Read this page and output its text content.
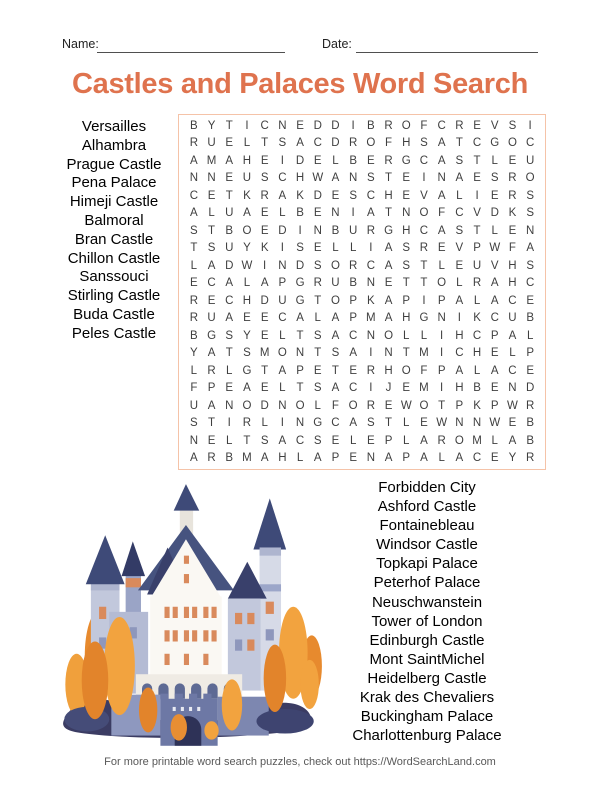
Name:	Date:
Castles and Palaces Word Search
Versailles
Alhambra
Prague Castle
Pena Palace
Himeji Castle
Balmoral
Bran Castle
Chillon Castle
Sanssouci
Stirling Castle
Buda Castle
Peles Castle
B Y T	I	C N E D D	I	B R O F C R E V S	I
R U E L T S A C D R O F H S A T C G O C
A M A H E	I	D E L B E R G C A S T L E U
N N E U S C H W A N S T E	I	N A E S R O
C E T K R A K D E S C H E V A L	I	E R S
A L U A E L B E N	I	A T N O F C V D K S
S T B O E D	I	N B U R G H C A S T L E N
T S U Y K	I	S E L L	I	A S R E V P W F A
L A D W I	N D S O R C A S T L E U V H S
E C A L A P G R U B N E T T O L R A H C
R E C H D U G T O P K A P	I	P A L A C E
R U A E E C A L A P M A H G N	I	K C U B
B G S Y E L T S A C N O L L	I	H C P A L
Y A T S M O N T S A	I	N T M I	C H E L P
L R L G T A P E T E R H O F P A L A C E
F P E A E L T S A C	I	J E M I	H B E N D
U A N O D N O L F O R E W O T P K P W R
S T	I	R L	I	N G C A S T L E W N N W E B
N E L T S A C S E L E P L A R O M L A B
A R B M A H L A P E N A P A L A C E Y R
Forbidden City
Ashford Castle
Fontainebleau
Windsor Castle
Topkapi Palace
Peterhof Palace
Neuschwanstein
Tower of London
Edinburgh Castle
Mont SaintMichel
Heidelberg Castle
Krak des Chevaliers
Buckingham Palace
Charlottenburg Palace
For more printable word search puzzles, check out https://WordSearchLand.com
